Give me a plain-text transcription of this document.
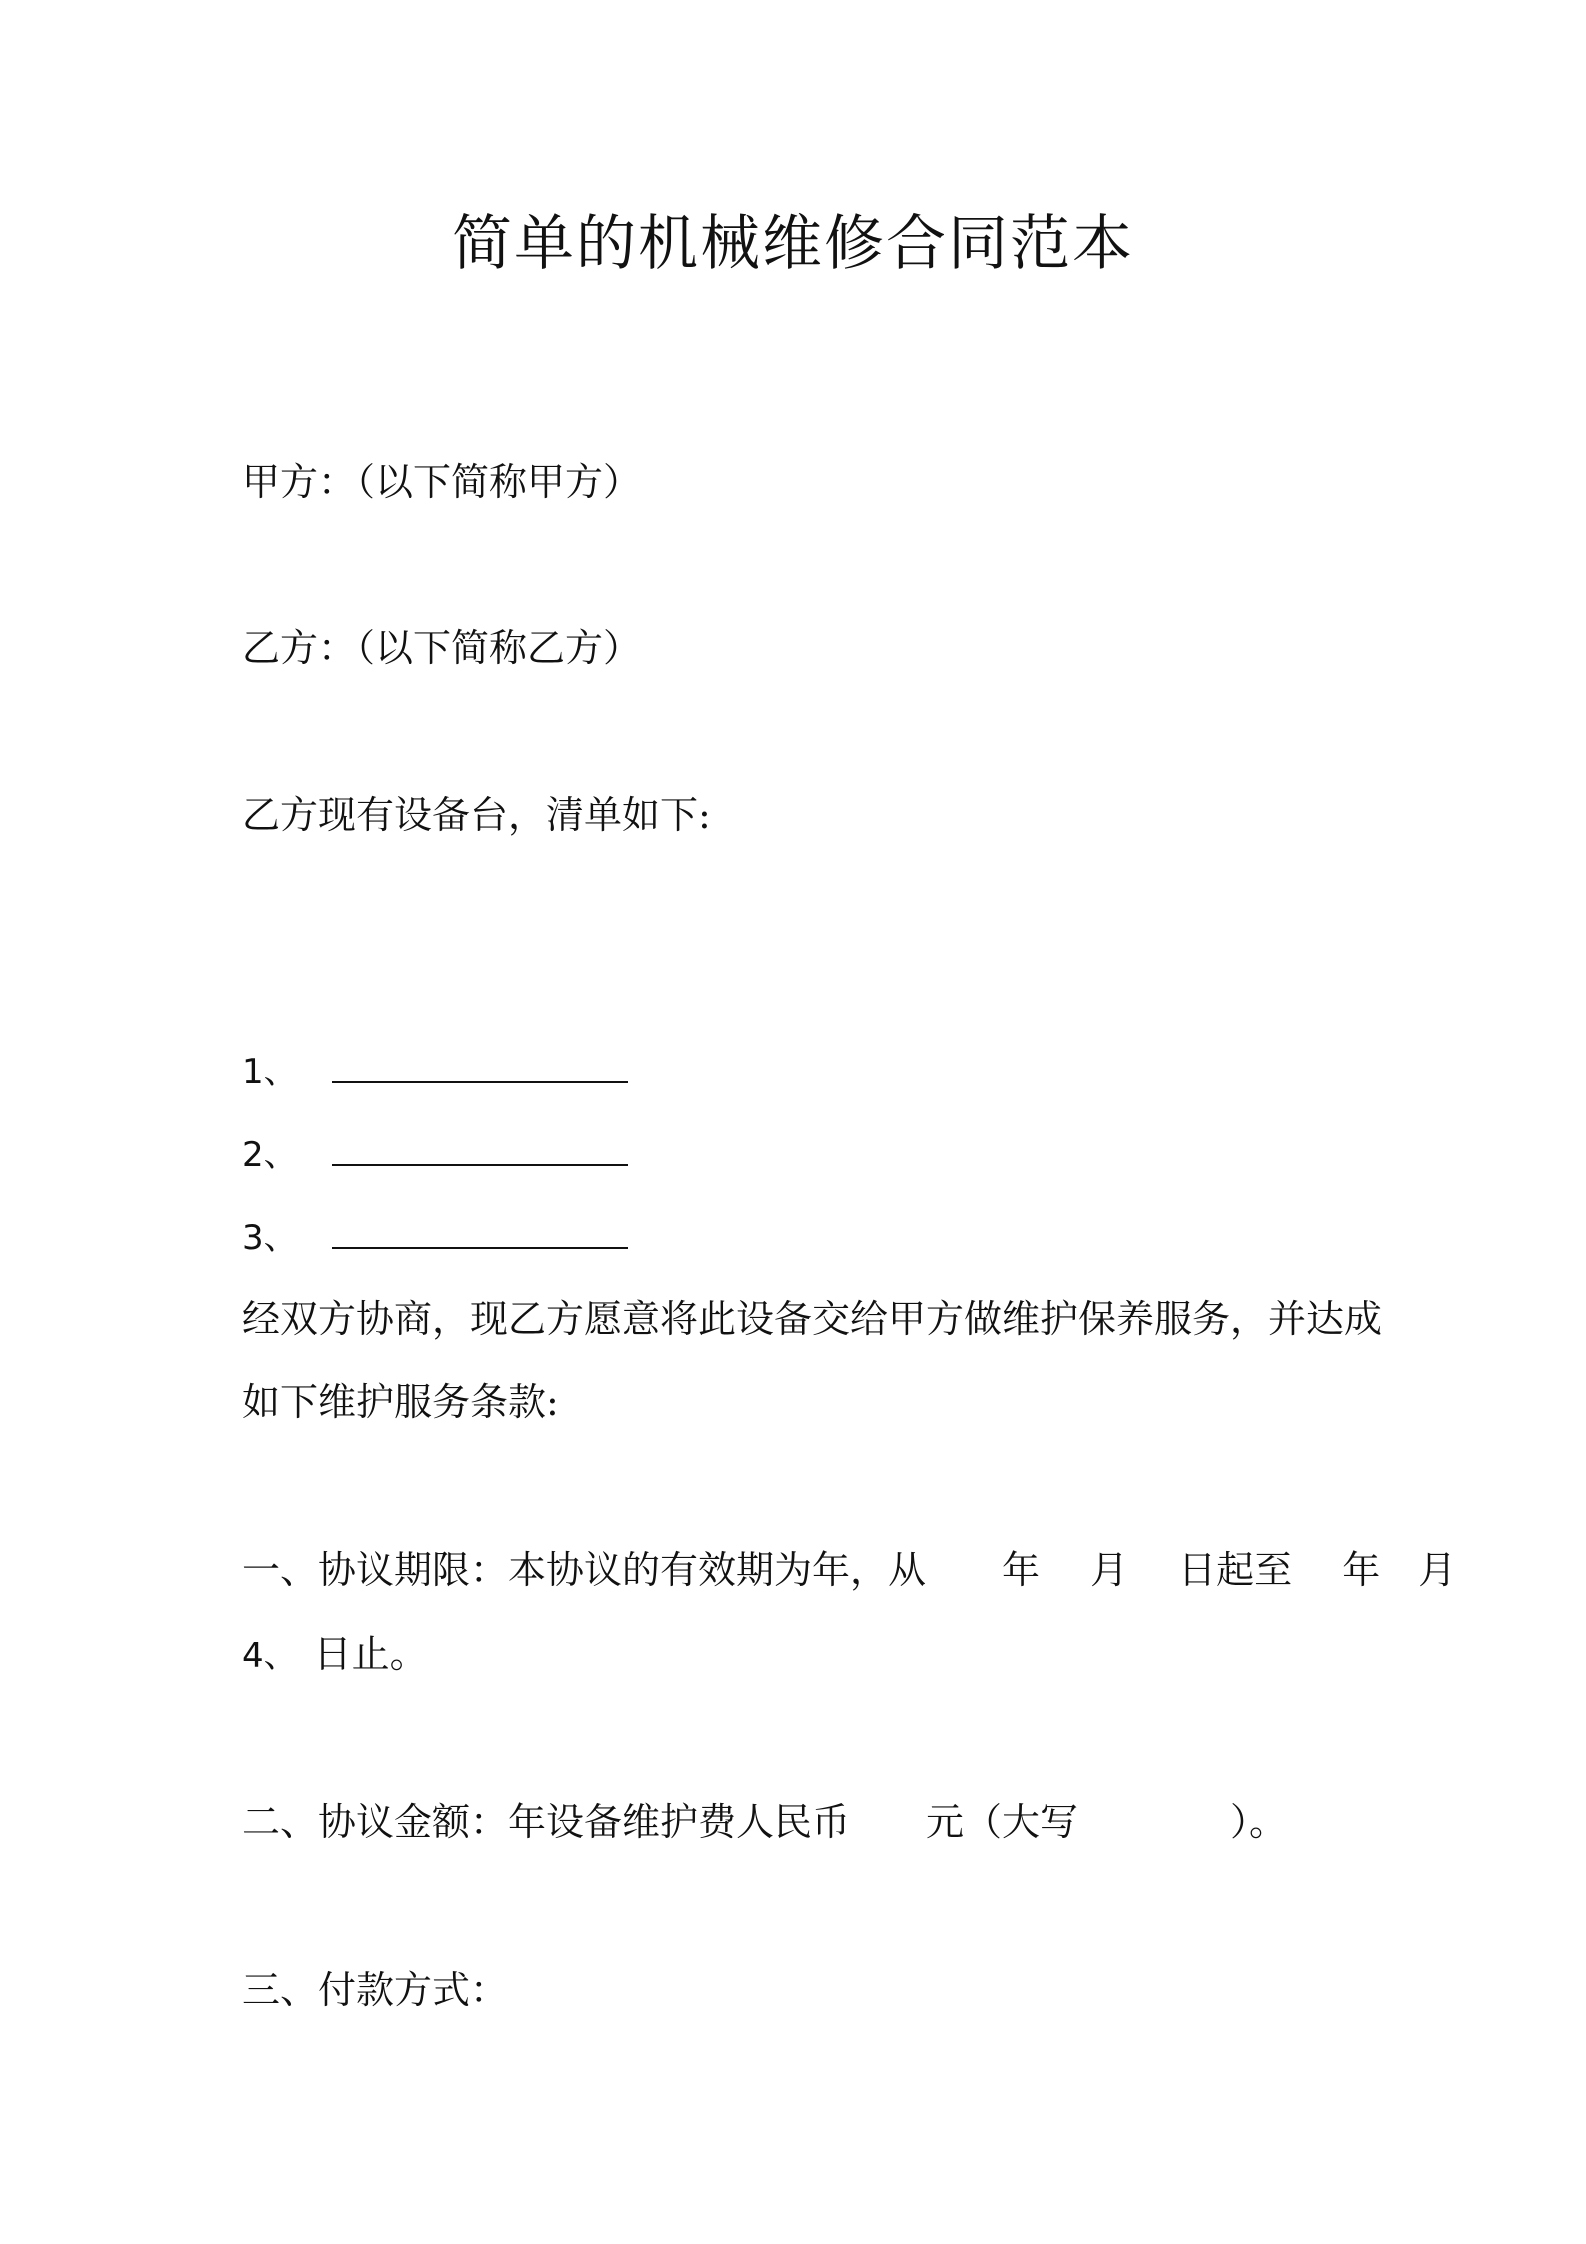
简单的机械维修合同范本
甲方：（以下简称甲方）
乙方：（以下简称乙方）
乙方现有设备台，清单如下:
1、
2、
3、
经双方协商，现乙方愿意将此设备交给甲方做维护保养服务，并达成
如下维护服务条款:
一、协议期限：本协议的有效期为年，从　　年　 月　 日起至　 年　月
4、 日止。
二、协议金额：年设备维护费人民币　　元（大写　　　　）。
三、付款方式：
